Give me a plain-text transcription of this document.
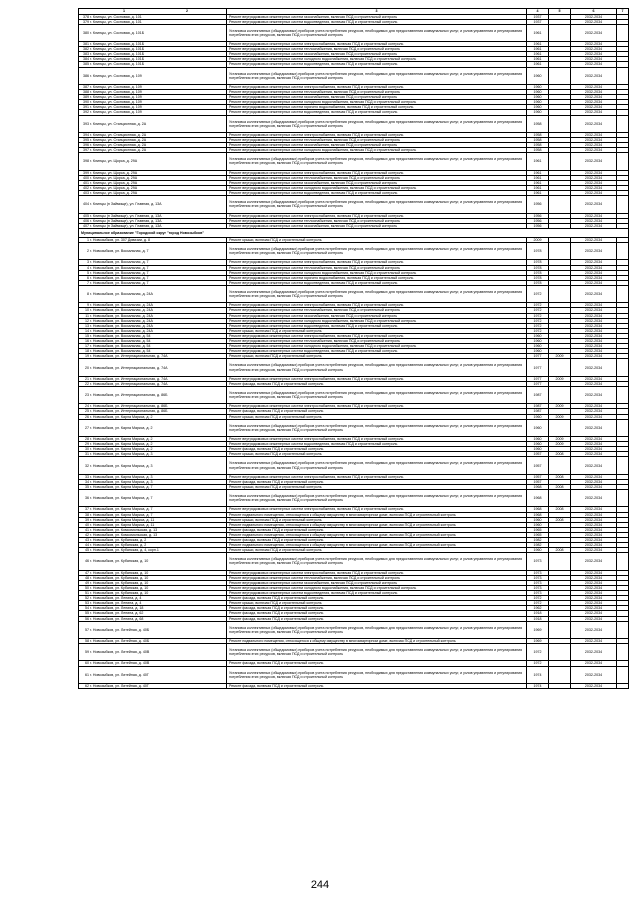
1 2	3	4	5	6	7
378г. Клинцы, ул. Сосновая, д. 101	Ремонт внутридомовых инженерных систем газоснабжения, включая ПСД и строительный контроль	1937		2032-2034	
379г. Клинцы, ул. Сосновая, д. 101	Ремонт внутридомовых инженерных систем водоотведения, включая ПСД и строительный контроль	1937		2032-2034	
380г. Клинцы, ул. Сосновая, д. 101Б	Установка коллективных (общедомовых) приборов учета потребления ресурсов, необходимых для предоставления коммунальных услуг, и узлов управления и регулирования потребления этих ресурсов, включая ПСД и строительный контроль	1961		2032-2034	
381г. Клинцы, ул. Сосновая, д. 101Б	Ремонт внутридомовых инженерных систем электроснабжения, включая ПСД и строительный контроль	1961		2032-2034	
382г. Клинцы, ул. Сосновая, д. 101Б	Ремонт внутридомовых инженерных систем теплоснабжения, включая ПСД и строительный контроль	1961		2032-2034	
383г. Клинцы, ул. Сосновая, д. 101Б	Ремонт внутридомовых инженерных систем газоснабжения, включая ПСД и строительный контроль	1961		2032-2034	
384г. Клинцы, ул. Сосновая, д. 101Б	Ремонт внутридомовых инженерных систем холодного водоснабжения, включая ПСД и строительный контроль	1961		2032-2034	
385г. Клинцы, ул. Сосновая, д. 101Б	Ремонт внутридомовых инженерных систем водоотведения, включая ПСД и строительный контроль	1961		2032-2034	
386г. Клинцы, ул. Сосновая, д. 109	Установка коллективных (общедомовых) приборов учета потребления ресурсов, необходимых для предоставления коммунальных услуг, и узлов управления и регулирования потребления этих ресурсов, включая ПСД и строительный контроль	1960		2032-2034	
387г. Клинцы, ул. Сосновая, д. 109	Ремонт внутридомовых инженерных систем электроснабжения, включая ПСД и строительный контроль	1960		2032-2034	
388г. Клинцы, ул. Сосновая, д. 109	Ремонт внутридомовых инженерных систем теплоснабжения, включая ПСД и строительный контроль	1960		2032-2034	
389г. Клинцы, ул. Сосновая, д. 109	Ремонт внутридомовых инженерных систем газоснабжения, включая ПСД и строительный контроль	1960		2032-2034	
390г. Клинцы, ул. Сосновая, д. 109	Ремонт внутридомовых инженерных систем холодного водоснабжения, включая ПСД и строительный контроль	1960		2032-2034	
391г. Клинцы, ул. Сосновая, д. 109	Ремонт внутридомовых инженерных систем горячего водоснабжения, включая ПСД и строительный контроль	1960		2032-2034	
392г. Клинцы, ул. Сосновая, д. 109	Ремонт внутридомовых инженерных систем водоотведения, включая ПСД и строительный контроль	1960		2032-2034	
393г. Клинцы, ул. Станционная, д. 2А	Установка коллективных (общедомовых) приборов учета потребления ресурсов, необходимых для предоставления коммунальных услуг, и узлов управления и регулирования потребления этих ресурсов, включая ПСД и строительный контроль	1958		2032-2034	
394г. Клинцы, ул. Станционная, д. 2А	Ремонт внутридомовых инженерных систем электроснабжения, включая ПСД и строительный контроль	1958		2032-2034	
395г. Клинцы, ул. Станционная, д. 2А	Ремонт внутридомовых инженерных систем теплоснабжения, включая ПСД и строительный контроль	1958		2032-2034	
396г. Клинцы, ул. Станционная, д. 2А	Ремонт внутридомовых инженерных систем газоснабжения, включая ПСД и строительный контроль	1958		2032-2034	
397г. Клинцы, ул. Станционная, д. 2А	Ремонт внутридомовых инженерных систем холодного водоснабжения, включая ПСД и строительный контроль	1958		2032-2034	
398г. Клинцы, ул. Щорса, д. 29А	Установка коллективных (общедомовых) приборов учета потребления ресурсов, необходимых для предоставления коммунальных услуг, и узлов управления и регулирования потребления этих ресурсов, включая ПСД и строительный контроль	1961		2032-2034	
399г. Клинцы, ул. Щорса, д. 29А	Ремонт внутридомовых инженерных систем электроснабжения, включая ПСД и строительный контроль	1961		2032-2034	
400г. Клинцы, ул. Щорса, д. 29А	Ремонт внутридомовых инженерных систем теплоснабжения, включая ПСД и строительный контроль	1961		2032-2034	
401г. Клинцы, ул. Щорса, д. 29А	Ремонт внутридомовых инженерных систем газоснабжения, включая ПСД и строительный контроль	1961		2032-2034	
402г. Клинцы, ул. Щорса, д. 29А	Ремонт внутридомовых инженерных систем холодного водоснабжения, включая ПСД и строительный контроль	1961		2032-2034	
403г. Клинцы, ул. Щорса, д. 29А	Ремонт внутридомовых инженерных систем водоотведения, включая ПСД и строительный контроль	1961		2032-2034	
404г. Клинцы (п Займище), ул. Главная, д. 13А	Установка коллективных (общедомовых) приборов учета потребления ресурсов, необходимых для предоставления коммунальных услуг, и узлов управления и регулирования потребления этих ресурсов, включая ПСД и строительный контроль	1956		2032-2034	
405г. Клинцы (п Займище), ул. Главная, д. 13А	Ремонт внутридомовых инженерных систем электроснабжения, включая ПСД и строительный контроль	1956		2032-2034	
406г. Клинцы (п Займище), ул. Главная, д. 13А	Ремонт внутридомовых инженерных систем теплоснабжения, включая ПСД и строительный контроль	1956		2032-2034	
407г. Клинцы (п Займище), ул. Главная, д. 13А	Ремонт внутридомовых инженерных систем газоснабжения, включая ПСД и строительный контроль	1956		2032-2034	
Муниципальное образование "Городской округ "город Новозыбков"					
1г. Новозыбков, ул. 307 Дивизии, д. 8	Ремонт крыши, включая ПСД и строительный контроль	2009		2032-2034	
2г. Новозыбков, ул. Вокзальная, д. 7	Установка коллективных (общедомовых) приборов учета потребления ресурсов, необходимых для предоставления коммунальных услуг, и узлов управления и регулирования потребления этих ресурсов, включая ПСД и строительный контроль	1978		2032-2034	
3г. Новозыбков, ул. Вокзальная, д. 7	Ремонт внутридомовых инженерных систем электроснабжения, включая ПСД и строительный контроль	1978		2032-2034	
4г. Новозыбков, ул. Вокзальная, д. 7	Ремонт внутридомовых инженерных систем теплоснабжения, включая ПСД и строительный контроль	1978		2032-2034	
5г. Новозыбков, ул. Вокзальная, д. 7	Ремонт внутридомовых инженерных систем холодного водоснабжения, включая ПСД и строительный контроль	1978		2032-2034	
6г. Новозыбков, ул. Вокзальная, д. 7	Ремонт внутридомовых инженерных систем горячего водоснабжения, включая ПСД и строительный контроль	1978		2032-2034	
7г. Новозыбков, ул. Вокзальная, д. 7	Ремонт внутридомовых инженерных систем водоотведения, включая ПСД и строительный контроль	1978		2032-2034	
8г. Новозыбков, ул. Вокзальная, д. 24А	Установка коллективных (общедомовых) приборов учета потребления ресурсов, необходимых для предоставления коммунальных услуг, и узлов управления и регулирования потребления этих ресурсов, включая ПСД и строительный контроль	1972		2032-2034	
9г. Новозыбков, ул. Вокзальная, д. 24А	Ремонт внутридомовых инженерных систем электроснабжения, включая ПСД и строительный контроль	1972		2032-2034	
10г. Новозыбков, ул. Вокзальная, д. 24А	Ремонт внутридомовых инженерных систем теплоснабжения, включая ПСД и строительный контроль	1972		2032-2034	
11г. Новозыбков, ул. Вокзальная, д. 24А	Ремонт внутридомовых инженерных систем газоснабжения, включая ПСД и строительный контроль	1972		2032-2034	
12г. Новозыбков, ул. Вокзальная, д. 24А	Ремонт внутридомовых инженерных систем холодного водоснабжения, включая ПСД и строительный контроль	1972		2032-2034	
13г. Новозыбков, ул. Вокзальная, д. 24А	Ремонт внутридомовых инженерных систем водоотведения, включая ПСД и строительный контроль	1972		2032-2034	
14г. Новозыбков, ул. Вокзальная, д. 24А	Ремонт крыши, включая ПСД и строительный контроль	1972		2032-2034	
15г. Новозыбков, ул. Вокзальная, д. 54	Ремонт внутридомовых инженерных систем электроснабжения, включая ПСД и строительный контроль	1960		2032-2034	
16г. Новозыбков, ул. Вокзальная, д. 54	Ремонт внутридомовых инженерных систем теплоснабжения, включая ПСД и строительный контроль	1960		2032-2034	
17г. Новозыбков, ул. Вокзальная, д. 54	Ремонт внутридомовых инженерных систем холодного водоснабжения, включая ПСД и строительный контроль	1960		2032-2034	
18г. Новозыбков, ул. Вокзальная, д. 54	Ремонт внутридомовых инженерных систем водоотведения, включая ПСД и строительный контроль	1960		2032-2034	
19г. Новозыбков, ул. Интернациональная, д. 74А	Ремонт крыши, включая ПСД и строительный контроль	1977	2009	2032-2034	
20г. Новозыбков, ул. Интернациональная, д. 74А	Установка коллективных (общедомовых) приборов учета потребления ресурсов, необходимых для предоставления коммунальных услуг, и узлов управления и регулирования потребления этих ресурсов, включая ПСД и строительный контроль	1977		2032-2034	
21г. Новозыбков, ул. Интернациональная, д. 74А	Ремонт внутридомовых инженерных систем электроснабжения, включая ПСД и строительный контроль	1977	2009	2032-2034	
22г. Новозыбков, ул. Интернациональная, д. 74А	Ремонт фасада, включая ПСД и строительный контроль	1977		2032-2034	
23г. Новозыбков, ул. Интернациональная, д. 86Б	Установка коллективных (общедомовых) приборов учета потребления ресурсов, необходимых для предоставления коммунальных услуг, и узлов управления и регулирования потребления этих ресурсов, включая ПСД и строительный контроль	1987		2032-2034	
24г. Новозыбков, ул. Интернациональная, д. 86Б	Ремонт внутридомовых инженерных систем электроснабжения, включая ПСД и строительный контроль	1987	2009	2032-2034	
25г. Новозыбков, ул. Интернациональная, д. 86Б	Ремонт фасада, включая ПСД и строительный контроль	1987		2032-2034	
26г. Новозыбков, ул. Карла Маркса, д. 2	Ремонт крыши, включая ПСД и строительный контроль	1960	2009	2032-2034	
27г. Новозыбков, ул. Карла Маркса, д. 2	Установка коллективных (общедомовых) приборов учета потребления ресурсов, необходимых для предоставления коммунальных услуг, и узлов управления и регулирования потребления этих ресурсов, включая ПСД и строительный контроль	1960		2032-2034	
28г. Новозыбков, ул. Карла Маркса, д. 2	Ремонт внутридомовых инженерных систем электроснабжения, включая ПСД и строительный контроль	1960	2009	2032-2034	
29г. Новозыбков, ул. Карла Маркса, д. 2	Ремонт внутридомовых инженерных систем водоотведения, включая ПСД и строительный контроль	1960	2009	2032-2034	
30г. Новозыбков, ул. Карла Маркса, д. 2	Ремонт фасада, включая ПСД и строительный контроль	1960		2032-2034	
31г. Новозыбков, ул. Карла Маркса, д. 3	Ремонт крыши, включая ПСД и строительный контроль	1957	2008	2032-2034	
32г. Новозыбков, ул. Карла Маркса, д. 3	Установка коллективных (общедомовых) приборов учета потребления ресурсов, необходимых для предоставления коммунальных услуг, и узлов управления и регулирования потребления этих ресурсов, включая ПСД и строительный контроль	1957		2032-2034	
33г. Новозыбков, ул. Карла Маркса, д. 3	Ремонт внутридомовых инженерных систем электроснабжения, включая ПСД и строительный контроль	1957	2008	2032-2034	
34г. Новозыбков, ул. Карла Маркса, д. 3	Ремонт фасада, включая ПСД и строительный контроль	1957		2032-2034	
35г. Новозыбков, ул. Карла Маркса, д. 7	Ремонт крыши, включая ПСД и строительный контроль	1968	2008	2032-2034	
36г. Новозыбков, ул. Карла Маркса, д. 7	Установка коллективных (общедомовых) приборов учета потребления ресурсов, необходимых для предоставления коммунальных услуг, и узлов управления и регулирования потребления этих ресурсов, включая ПСД и строительный контроль	1968		2032-2034	
37г. Новозыбков, ул. Карла Маркса, д. 7	Ремонт внутридомовых инженерных систем электроснабжения, включая ПСД и строительный контроль	1968	2008	2032-2034	
38г. Новозыбков, ул. Карла Маркса, д. 7	Ремонт подвального помещения, относящегося к общему имуществу в многоквартирном доме, включая ПСД и строительный контроль	1968		2032-2034	
39г. Новозыбков, ул. Карла Маркса, д. 11	Ремонт крыши, включая ПСД и строительный контроль	1960	2008	2032-2034	
40г. Новозыбков, ул. Карла Маркса, д. 11	Ремонт подвального помещения, относящегося к общему имуществу в многоквартирном доме, включая ПСД и строительный контроль	1960		2032-2034	
41г. Новозыбков, ул. Комсомольская, д. 13	Ремонт фасада, включая ПСД и строительный контроль	1965		2032-2034	
42г. Новозыбков, ул. Комсомольская, д. 13	Ремонт подвального помещения, относящегося к общему имуществу в многоквартирном доме, включая ПСД и строительный контроль	1965		2032-2034	
43г. Новозыбков, ул. Кубанская, д. 2	Ремонт фасада, включая ПСД и строительный контроль	1982		2032-2034	
44г. Новозыбков, ул. Кубанская, д. 2	Ремонт подвального помещения, относящегося к общему имуществу в многоквартирном доме, включая ПСД и строительный контроль	1982		2032-2034	
45г. Новозыбков, ул. Кубанская, д. 4, корп.1	Ремонт крыши, включая ПСД и строительный контроль	1960	2008	2032-2034	
46г. Новозыбков, ул. Кубанская, д. 10	Установка коллективных (общедомовых) приборов учета потребления ресурсов, необходимых для предоставления коммунальных услуг, и узлов управления и регулирования потребления этих ресурсов, включая ПСД и строительный контроль	1973		2032-2034	
47г. Новозыбков, ул. Кубанская, д. 10	Ремонт внутридомовых инженерных систем электроснабжения, включая ПСД и строительный контроль	1973		2032-2034	
48г. Новозыбков, ул. Кубанская, д. 10	Ремонт внутридомовых инженерных систем теплоснабжения, включая ПСД и строительный контроль	1973		2032-2034	
49г. Новозыбков, ул. Кубанская, д. 10	Ремонт внутридомовых инженерных систем газоснабжения, включая ПСД и строительный контроль	1973		2032-2034	
50г. Новозыбков, ул. Кубанская, д. 10	Ремонт внутридомовых инженерных систем холодного водоснабжения, включая ПСД и строительный контроль	1973		2032-2034	
51г. Новозыбков, ул. Кубанская, д. 10	Ремонт внутридомовых инженерных систем водоотведения, включая ПСД и строительный контроль	1973		2032-2034	
52г. Новозыбков, ул. Ленина, д. 4	Ремонт фасада, включая ПСД и строительный контроль	1972		2032-2034	
53г. Новозыбков, ул. Ленина, д. 4	Ремонт крыши, включая ПСД и строительный контроль	1972		2032-2034	
54г. Новозыбков, ул. Ленина, д. 18	Ремонт фасада, включая ПСД и строительный контроль	1962		2032-2034	
55г. Новозыбков, ул. Ленина, д. 62	Ремонт фасада, включая ПСД и строительный контроль	1918		2032-2034	
56г. Новозыбков, ул. Ленина, д. 68	Ремонт фасада, включая ПСД и строительный контроль	1918		2032-2034	
57г. Новозыбков, ул. Литейная, д. 40Б	Установка коллективных (общедомовых) приборов учета потребления ресурсов, необходимых для предоставления коммунальных услуг, и узлов управления и регулирования потребления этих ресурсов, включая ПСД и строительный контроль	1969		2032-2034	
58г. Новозыбков, ул. Литейная, д. 40Б	Ремонт подвального помещения, относящегося к общему имуществу в многоквартирном доме, включая ПСД и строительный контроль	1969		2032-2034	
59г. Новозыбков, ул. Литейная, д. 40В	Установка коллективных (общедомовых) приборов учета потребления ресурсов, необходимых для предоставления коммунальных услуг, и узлов управления и регулирования потребления этих ресурсов, включая ПСД и строительный контроль	1972		2032-2034	
60г. Новозыбков, ул. Литейная, д. 40В	Ремонт фасада, включая ПСД и строительный контроль	1972		2032-2034	
61г. Новозыбков, ул. Литейная, д. 40Г	Установка коллективных (общедомовых) приборов учета потребления ресурсов, необходимых для предоставления коммунальных услуг, и узлов управления и регулирования потребления этих ресурсов, включая ПСД и строительный контроль	1974		2032-2034	
62г. Новозыбков, ул. Литейная, д. 40Г	Ремонт фасада, включая ПСД и строительный контроль	1974		2032-2034	
244
